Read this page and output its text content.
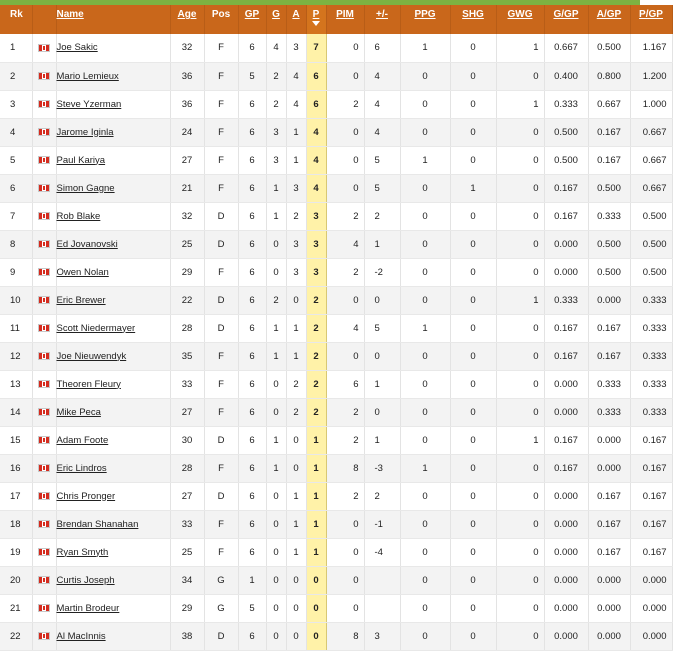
Rk		Name	Age	Pos	GP	G	A	P	PIM	+/-	PPG	SHG	GWG	G/GP	A/GP	P/GP
1		Joe Sakic	32	F	6	4	3	7	0	6	1	0	1	0.667	0.500	1.167
2		Mario Lemieux	36	F	5	2	4	6	0	4	0	0	0	0.400	0.800	1.200
3		Steve Yzerman	36	F	6	2	4	6	2	4	0	0	1	0.333	0.667	1.000
4		Jarome Iginla	24	F	6	3	1	4	0	4	0	0	0	0.500	0.167	0.667
5		Paul Kariya	27	F	6	3	1	4	0	5	1	0	0	0.500	0.167	0.667
6		Simon Gagne	21	F	6	1	3	4	0	5	0	1	0	0.167	0.500	0.667
7		Rob Blake	32	D	6	1	2	3	2	2	0	0	0	0.167	0.333	0.500
8		Ed Jovanovski	25	D	6	0	3	3	4	1	0	0	0	0.000	0.500	0.500
9		Owen Nolan	29	F	6	0	3	3	2	-2	0	0	0	0.000	0.500	0.500
10		Eric Brewer	22	D	6	2	0	2	0	0	0	0	1	0.333	0.000	0.333
11		Scott Niedermayer	28	D	6	1	1	2	4	5	1	0	0	0.167	0.167	0.333
12		Joe Nieuwendyk	35	F	6	1	1	2	0	0	0	0	0	0.167	0.167	0.333
13		Theoren Fleury	33	F	6	0	2	2	6	1	0	0	0	0.000	0.333	0.333
14		Mike Peca	27	F	6	0	2	2	2	0	0	0	0	0.000	0.333	0.333
15		Adam Foote	30	D	6	1	0	1	2	1	0	0	1	0.167	0.000	0.167
16		Eric Lindros	28	F	6	1	0	1	8	-3	1	0	0	0.167	0.000	0.167
17		Chris Pronger	27	D	6	0	1	1	2	2	0	0	0	0.000	0.167	0.167
18		Brendan Shanahan	33	F	6	0	1	1	0	-1	0	0	0	0.000	0.167	0.167
19		Ryan Smyth	25	F	6	0	1	1	0	-4	0	0	0	0.000	0.167	0.167
20		Curtis Joseph	34	G	1	0	0	0	0		0	0	0	0.000	0.000	0.000
21		Martin Brodeur	29	G	5	0	0	0	0		0	0	0	0.000	0.000	0.000
22		Al MacInnis	38	D	6	0	0	0	8	3	0	0	0	0.000	0.000	0.000
